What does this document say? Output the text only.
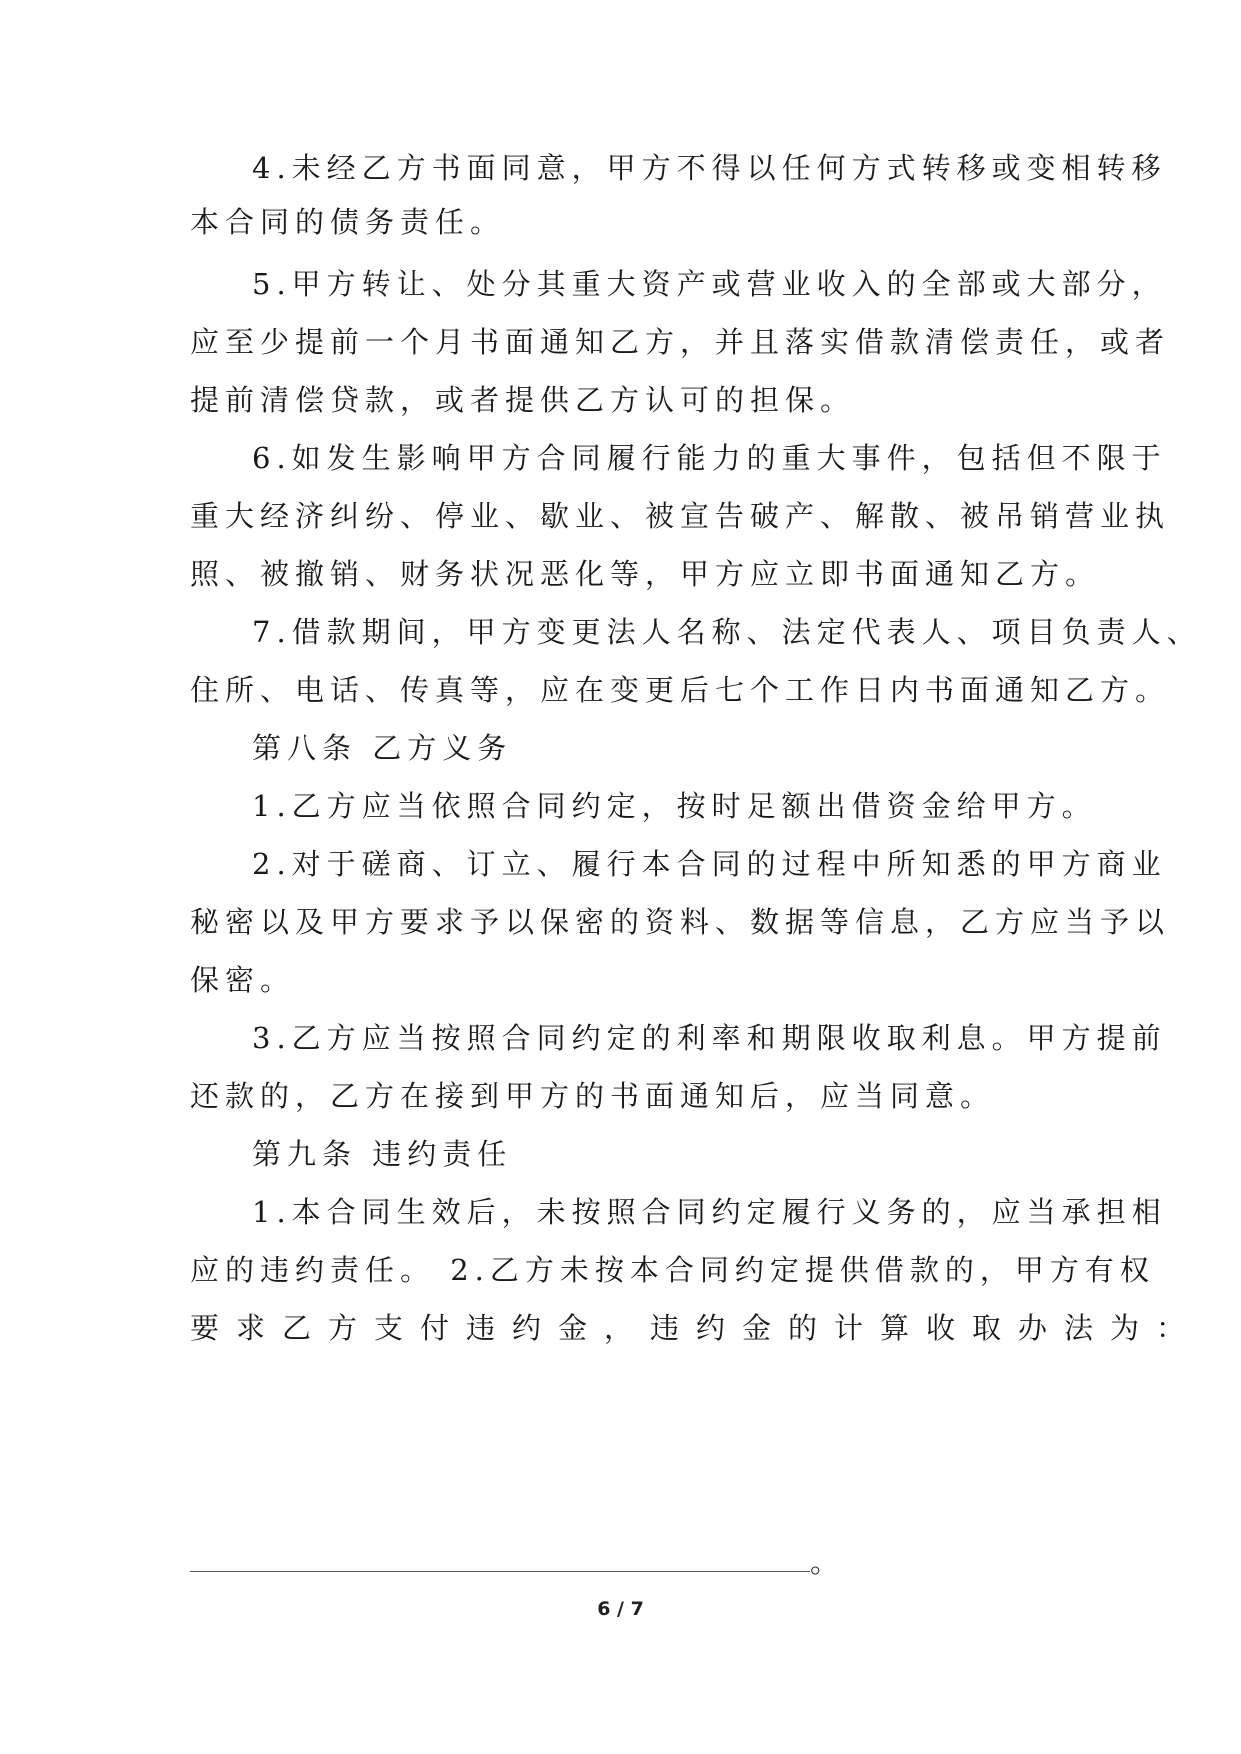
4.未经乙方书面同意，甲方不得以任何方式转移或变相转移
本合同的债务责任。
5.甲方转让、处分其重大资产或营业收入的全部或大部分，
应至少提前一个月书面通知乙方，并且落实借款清偿责任，或者
提前清偿贷款，或者提供乙方认可的担保。
6.如发生影响甲方合同履行能力的重大事件，包括但不限于
重大经济纠纷、停业、歇业、被宣告破产、解散、被吊销营业执
照、被撤销、财务状况恶化等，甲方应立即书面通知乙方。
7.借款期间，甲方变更法人名称、法定代表人、项目负责人、
住所、电话、传真等，应在变更后七个工作日内书面通知乙方。
第八条 乙方义务
1.乙方应当依照合同约定，按时足额出借资金给甲方。
2.对于磋商、订立、履行本合同的过程中所知悉的甲方商业
秘密以及甲方要求予以保密的资料、数据等信息，乙方应当予以
保密。
3.乙方应当按照合同约定的利率和期限收取利息。甲方提前
还款的，乙方在接到甲方的书面通知后，应当同意。
第九条 违约责任
1.本合同生效后，未按照合同约定履行义务的，应当承担相
应的违约责任。 2.乙方未按本合同约定提供借款的，甲方有权
要求乙方支付违约金，违约金的计算收取办法为：
。
6 / 7
